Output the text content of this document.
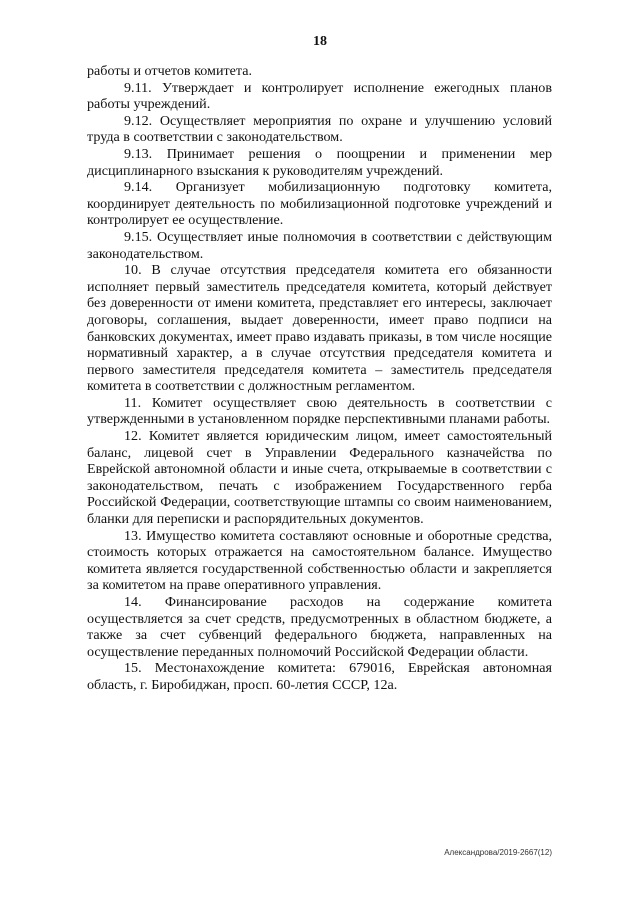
18

работы и отчетов комитета.

9.11. Утверждает и контролирует исполнение ежегодных планов работы учреждений.

9.12. Осуществляет мероприятия по охране и улучшению условий труда в соответствии с законодательством.

9.13. Принимает решения о поощрении и применении мер дисциплинарного взыскания к руководителям учреждений.

9.14. Организует мобилизационную подготовку комитета, координирует деятельность по мобилизационной подготовке учреждений и контролирует ее осуществление.

9.15. Осуществляет иные полномочия в соответствии с действующим законодательством.

10. В случае отсутствия председателя комитета его обязанности исполняет первый заместитель председателя комитета, который действует без доверенности от имени комитета, представляет его интересы, заключает договоры, соглашения, выдает доверенности, имеет право подписи на банковских документах, имеет право издавать приказы, в том числе носящие нормативный характер, а в случае отсутствия председателя комитета и первого заместителя председателя комитета – заместитель председателя комитета в соответствии с должностным регламентом.

11. Комитет осуществляет свою деятельность в соответствии с утвержденными в установленном порядке перспективными планами работы.

12. Комитет является юридическим лицом, имеет самостоятельный баланс, лицевой счет в Управлении Федерального казначейства по Еврейской автономной области и иные счета, открываемые в соответствии с законодательством, печать с изображением Государственного герба Российской Федерации, соответствующие штампы со своим наименованием, бланки для переписки и распорядительных документов.

13. Имущество комитета составляют основные и оборотные средства, стоимость которых отражается на самостоятельном балансе. Имущество комитета является государственной собственностью области и закрепляется за комитетом на праве оперативного управления.

14. Финансирование расходов на содержание комитета осуществляется за счет средств, предусмотренных в областном бюджете, а также за счет субвенций федерального бюджета, направленных на осуществление переданных полномочий Российской Федерации области.

15. Местонахождение комитета: 679016, Еврейская автономная область, г. Биробиджан, просп. 60-летия СССР, 12а.

Александрова/2019-2667(12)
